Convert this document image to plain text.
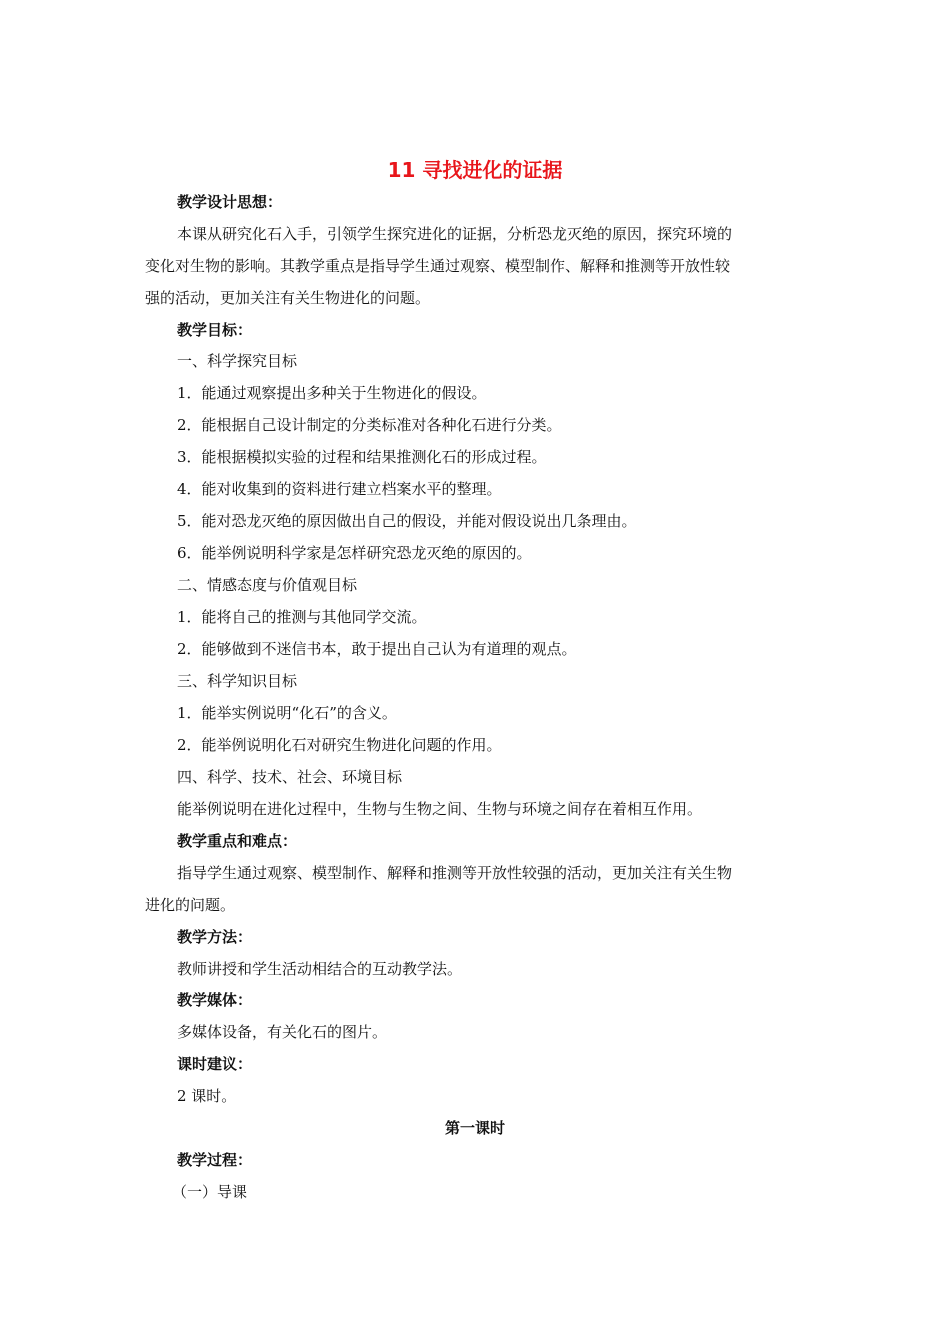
11 寻找进化的证据
教学设计思想：
本课从研究化石入手，引领学生探究进化的证据，分析恐龙灭绝的原因，探究环境的
变化对生物的影响。其教学重点是指导学生通过观察、模型制作、解释和推测等开放性较
强的活动，更加关注有关生物进化的问题。
教学目标：
一、科学探究目标
1．能通过观察提出多种关于生物进化的假设。
2．能根据自己设计制定的分类标准对各种化石进行分类。
3．能根据模拟实验的过程和结果推测化石的形成过程。
4．能对收集到的资料进行建立档案水平的整理。
5．能对恐龙灭绝的原因做出自己的假设，并能对假设说出几条理由。
6．能举例说明科学家是怎样研究恐龙灭绝的原因的。
二、情感态度与价值观目标
1．能将自己的推测与其他同学交流。
2．能够做到不迷信书本，敢于提出自己认为有道理的观点。
三、科学知识目标
1．能举实例说明“化石”的含义。
2．能举例说明化石对研究生物进化问题的作用。
四、科学、技术、社会、环境目标
能举例说明在进化过程中，生物与生物之间、生物与环境之间存在着相互作用。
教学重点和难点：
指导学生通过观察、模型制作、解释和推测等开放性较强的活动，更加关注有关生物
进化的问题。
教学方法：
教师讲授和学生活动相结合的互动教学法。
教学媒体：
多媒体设备，有关化石的图片。
课时建议：
2 课时。
第一课时
教学过程：
（一）导课
